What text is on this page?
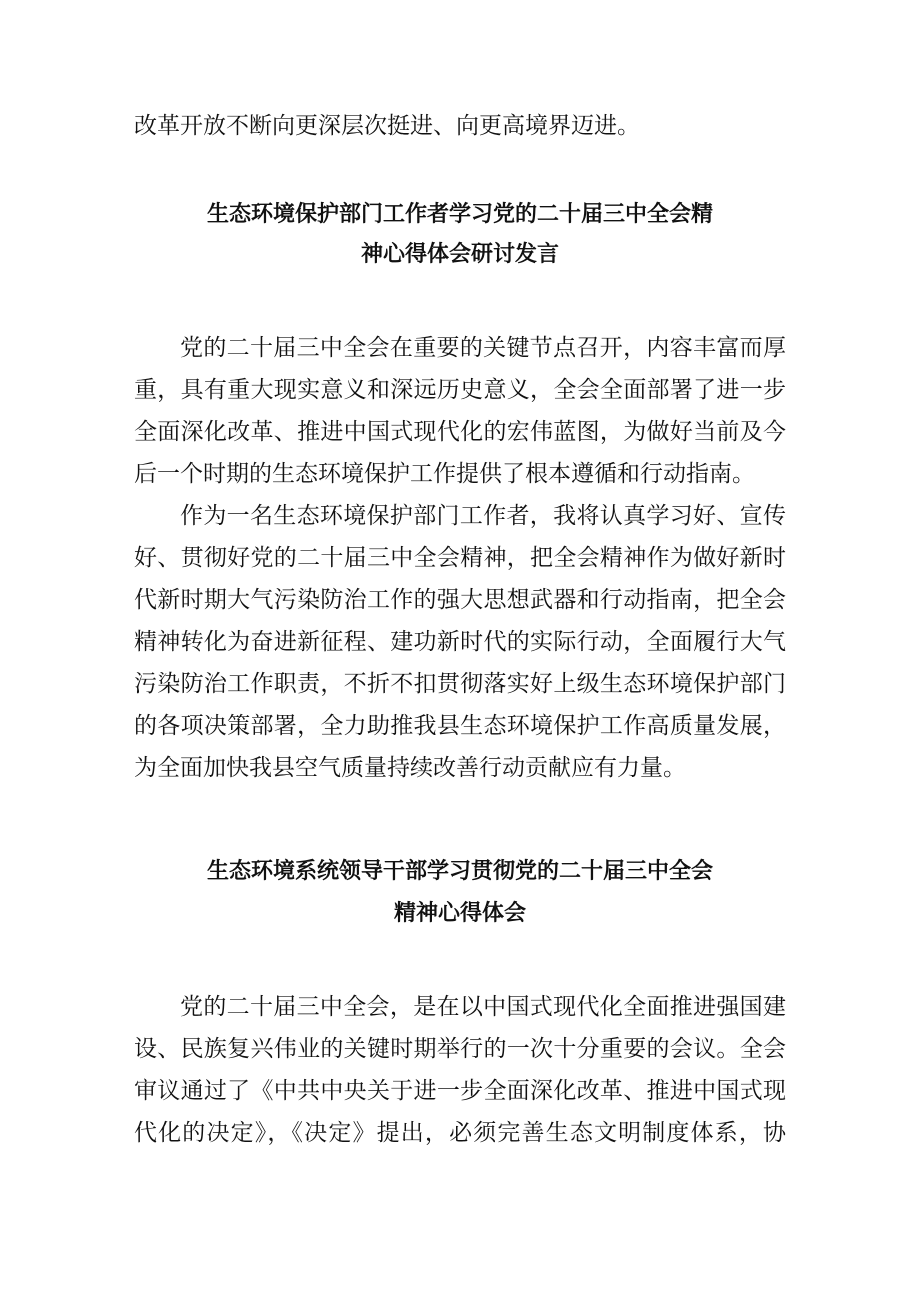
改革开放不断向更深层次挺进、向更高境界迈进。
生态环境保护部门工作者学习党的二十届三中全会精
神心得体会研讨发言
党的二十届三中全会在重要的关键节点召开，内容丰富而厚
重，具有重大现实意义和深远历史意义，全会全面部署了进一步
全面深化改革、推进中国式现代化的宏伟蓝图，为做好当前及今
后一个时期的生态环境保护工作提供了根本遵循和行动指南。
作为一名生态环境保护部门工作者，我将认真学习好、宣传
好、贯彻好党的二十届三中全会精神，把全会精神作为做好新时
代新时期大气污染防治工作的强大思想武器和行动指南，把全会
精神转化为奋进新征程、建功新时代的实际行动，全面履行大气
污染防治工作职责，不折不扣贯彻落实好上级生态环境保护部门
的各项决策部署，全力助推我县生态环境保护工作高质量发展，
为全面加快我县空气质量持续改善行动贡献应有力量。
生态环境系统领导干部学习贯彻党的二十届三中全会
精神心得体会
党的二十届三中全会，是在以中国式现代化全面推进强国建
设、民族复兴伟业的关键时期举行的一次十分重要的会议。全会
审议通过了《中共中央关于进一步全面深化改革、推进中国式现
代化的决定》，《决定》提出，必须完善生态文明制度体系，协
